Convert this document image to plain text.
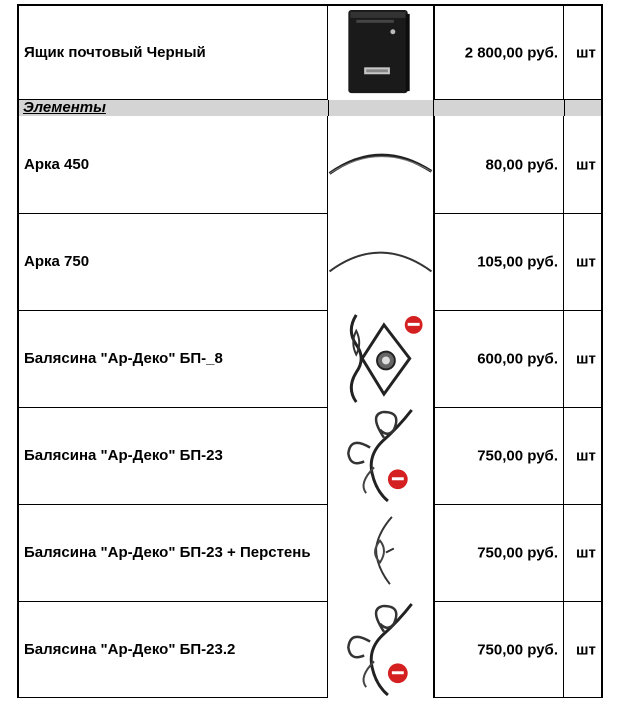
Ящик почтовый Черный	2 800,00 руб. шт
Элементы
Арка 450	80,00 руб. шт
Арка 750	105,00 руб. шт
Балясина "Ар-Деко" БП-_8	600,00 руб. шт
Балясина "Ар-Деко" БП-23	750,00 руб. шт
Балясина "Ар-Деко" БП-23 + Перстень	750,00 руб. шт
Балясина "Ар-Деко" БП-23.2	750,00 руб. шт
